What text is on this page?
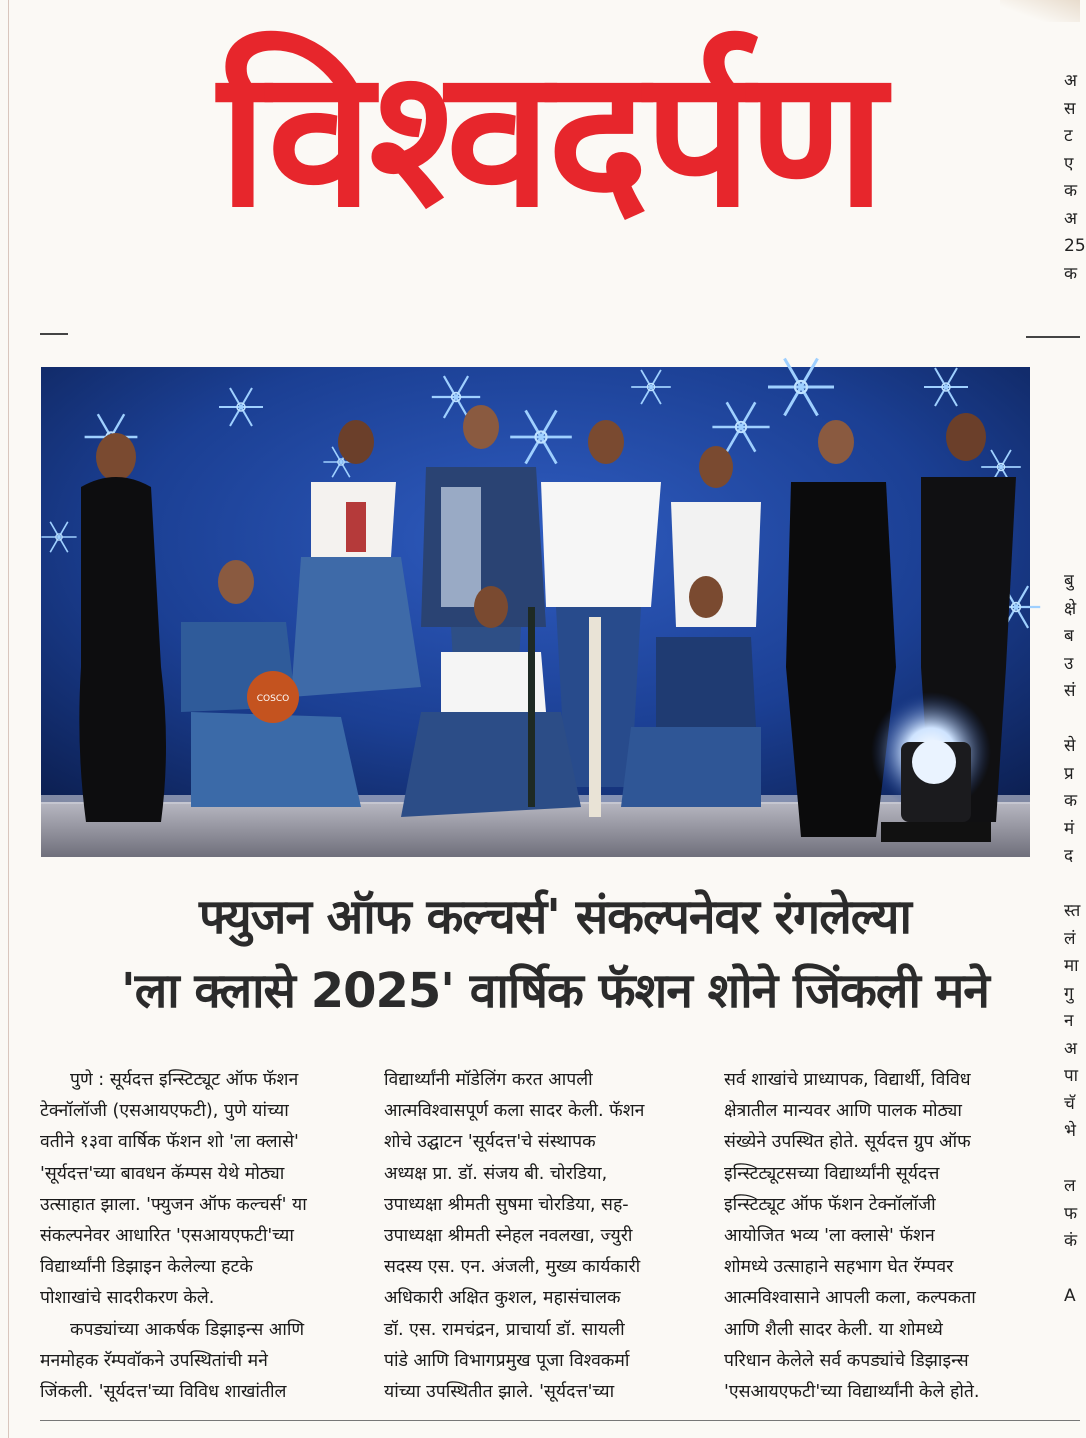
विश्वदर्पण	अ
स
ट
ए
क
अ
25
क
बु
क्षे
ब
उ
सं
से
प्र
क
मं
द
स्त
लं
मा
गु
न
अ
पा
चॅ
भे
ल
फ
कं
A
COSCO
फ्युजन ऑफ कल्चर्स' संकल्पनेवर रंगलेल्या
'ला क्लासे 2025' वार्षिक फॅशन शोने जिंकली मने
पुणे : सूर्यदत्त इन्स्टिट्यूट ऑफ फॅशन
टेक्नॉलॉजी (एसआयएफटी), पुणे यांच्या
वतीने १३वा वार्षिक फॅशन शो 'ला क्लासे'
'सूर्यदत्त'च्या बावधन कॅम्पस येथे मोठ्या
उत्साहात झाला. 'फ्युजन ऑफ कल्चर्स' या
संकल्पनेवर आधारित 'एसआयएफटी'च्या
विद्यार्थ्यांनी डिझाइन केलेल्या हटके
पोशाखांचे सादरीकरण केले.
कपड्यांच्या आकर्षक डिझाइन्स आणि
मनमोहक रॅम्पवॉकने उपस्थितांची मने
जिंकली. 'सूर्यदत्त'च्या विविध शाखांतील
विद्यार्थ्यांनी मॉडेलिंग करत आपली
आत्मविश्वासपूर्ण कला सादर केली. फॅशन
शोचे उद्घाटन 'सूर्यदत्त'चे संस्थापक
अध्यक्ष प्रा. डॉ. संजय बी. चोरडिया,
उपाध्यक्षा श्रीमती सुषमा चोरडिया, सह-
उपाध्यक्षा श्रीमती स्नेहल नवलखा, ज्युरी
सदस्य एस. एन. अंजली, मुख्य कार्यकारी
अधिकारी अक्षित कुशल, महासंचालक
डॉ. एस. रामचंद्रन, प्राचार्या डॉ. सायली
पांडे आणि विभागप्रमुख पूजा विश्वकर्मा
यांच्या उपस्थितीत झाले. 'सूर्यदत्त'च्या
सर्व शाखांचे प्राध्यापक, विद्यार्थी, विविध
क्षेत्रातील मान्यवर आणि पालक मोठ्या
संख्येने उपस्थित होते. सूर्यदत्त ग्रुप ऑफ
इन्स्टिट्यूटसच्या विद्यार्थ्यांनी सूर्यदत्त
इन्स्टिट्यूट ऑफ फॅशन टेक्नॉलॉजी
आयोजित भव्य 'ला क्लासे' फॅशन
शोमध्ये उत्साहाने सहभाग घेत रॅम्पवर
आत्मविश्वासाने आपली कला, कल्पकता
आणि शैली सादर केली. या शोमध्ये
परिधान केलेले सर्व कपड्यांचे डिझाइन्स
'एसआयएफटी'च्या विद्यार्थ्यांनी केले होते.
